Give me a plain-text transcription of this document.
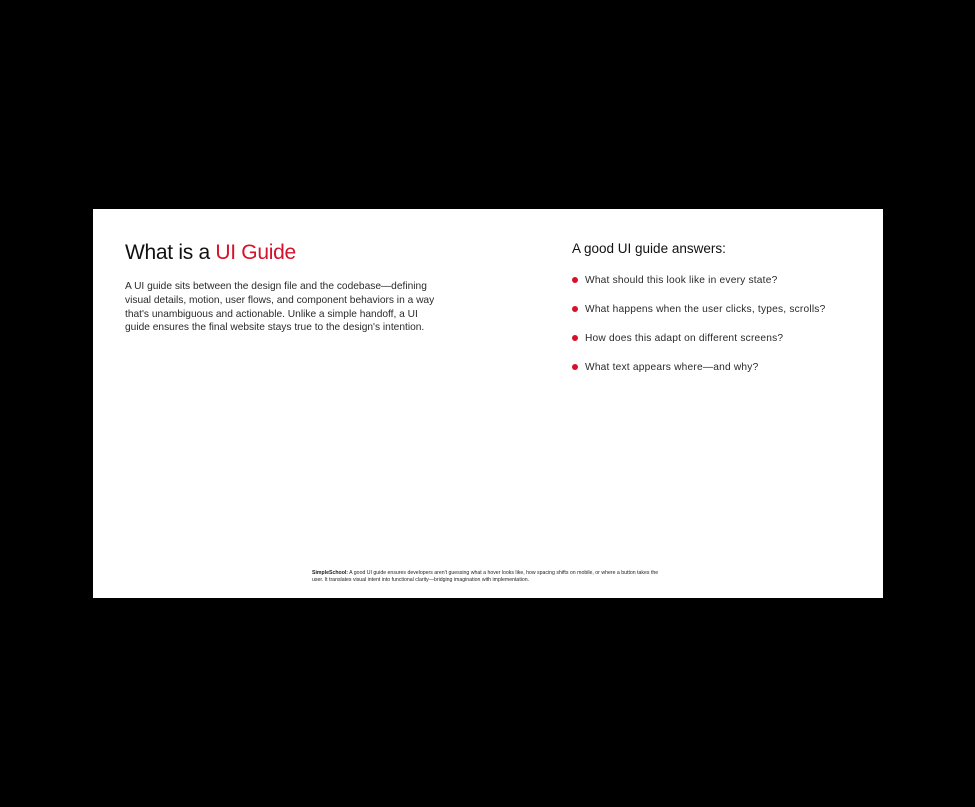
What is a UI Guide

A UI guide sits between the design file and the codebase—defining visual details, motion, user flows, and component behaviors in a way that's unambiguous and actionable. Unlike a simple handoff, a UI guide ensures the final website stays true to the design's intention.

A good UI guide answers:
What should this look like in every state?
What happens when the user clicks, types, scrolls?
How does this adapt on different screens?
What text appears where—and why?
SimpleSchool: A good UI guide ensures developers aren't guessing what a hover looks like, how spacing shifts on mobile, or where a button takes the user. It translates visual intent into functional clarity—bridging imagination with implementation.
